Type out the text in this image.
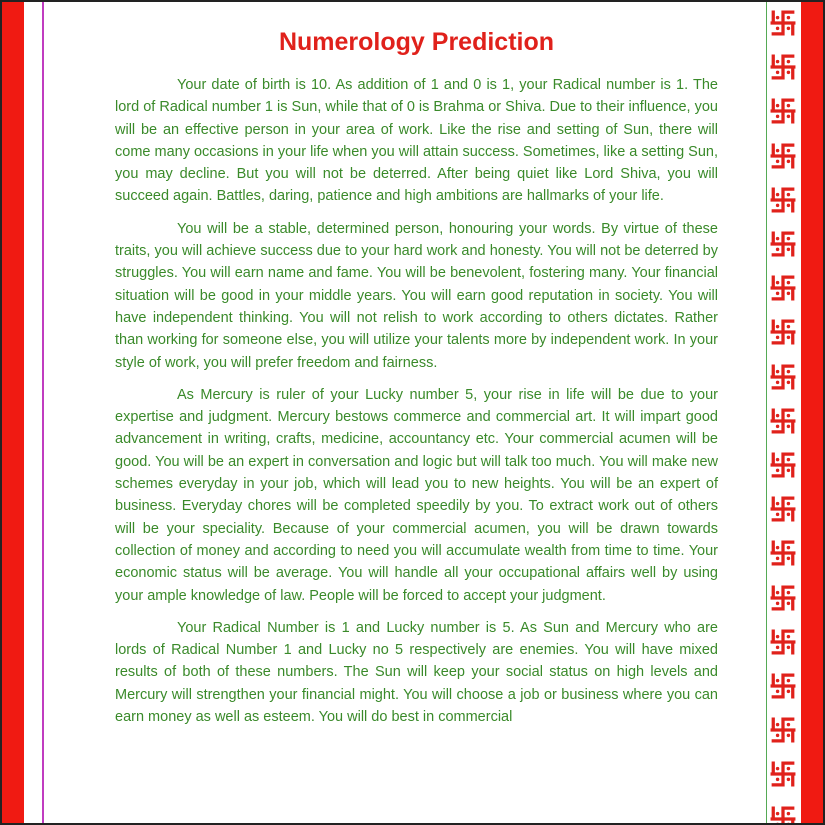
Numerology Prediction

Your date of birth is 10. As addition of 1 and 0 is 1, your Radical number is 1. The lord of Radical number 1 is Sun, while that of 0 is Brahma or Shiva. Due to their influence, you will be an effective person in your area of work. Like the rise and setting of Sun, there will come many occasions in your life when you will attain success. Sometimes, like a setting Sun, you may decline. But you will not be deterred. After being quiet like Lord Shiva, you will succeed again. Battles, daring, patience and high ambitions are hallmarks of your life.

You will be a stable, determined person, honouring your words. By virtue of these traits, you will achieve success due to your hard work and honesty. You will not be deterred by struggles. You will earn name and fame. You will be benevolent, fostering many. Your financial situation will be good in your middle years. You will earn good reputation in society. You will have independent thinking. You will not relish to work according to others dictates. Rather than working for someone else, you will utilize your talents more by independent work. In your style of work, you will prefer freedom and fairness.

As Mercury is ruler of your Lucky number 5, your rise in life will be due to your expertise and judgment. Mercury bestows commerce and commercial art. It will impart good advancement in writing, crafts, medicine, accountancy etc. Your commercial acumen will be good. You will be an expert in conversation and logic but will talk too much. You will make new schemes everyday in your job, which will lead you to new heights. You will be an expert of business. Everyday chores will be completed speedily by you. To extract work out of others will be your speciality. Because of your commercial acumen, you will be drawn towards collection of money and according to need you will accumulate wealth from time to time. Your economic status will be average. You will handle all your occupational affairs well by using your ample knowledge of law. People will be forced to accept your judgment.

Your Radical Number is 1 and Lucky number is 5. As Sun and Mercury who are lords of Radical Number 1 and Lucky no 5 respectively are enemies. You will have mixed results of both of these numbers. The Sun will keep your social status on high levels and Mercury will strengthen your financial might. You will choose a job or business where you can earn money as well as esteem. You will do best in commercial
